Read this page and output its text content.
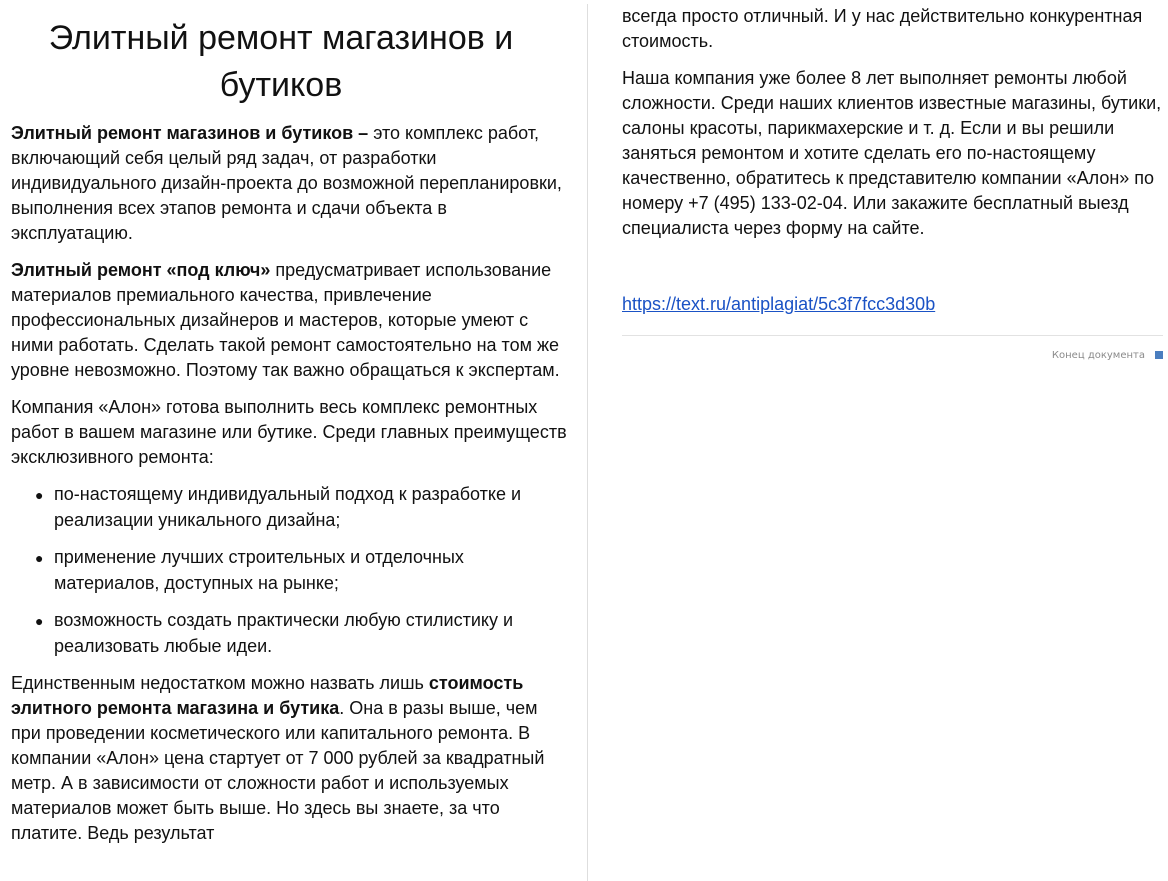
Элитный ремонт магазинов и бутиков

Элитный ремонт магазинов и бутиков – это комплекс работ, включающий себя целый ряд задач, от разработки индивидуального дизайн-проекта до возможной перепланировки, выполнения всех этапов ремонта и сдачи объекта в эксплуатацию.

Элитный ремонт «под ключ» предусматривает использование материалов премиального качества, привлечение профессиональных дизайнеров и мастеров, которые умеют с ними работать. Сделать такой ремонт самостоятельно на том же уровне невозможно. Поэтому так важно обращаться к экспертам.

Компания «Алон» готова выполнить весь комплекс ремонтных работ в вашем магазине или бутике. Среди главных преимуществ эксклюзивного ремонта:

● по-настоящему индивидуальный подход к разработке и реализации уникального дизайна;
● применение лучших строительных и отделочных материалов, доступных на рынке;
● возможность создать практически любую стилистику и реализовать любые идеи.

Единственным недостатком можно назвать лишь стоимость элитного ремонта магазина и бутика. Она в разы выше, чем при проведении косметического или капитального ремонта. В компании «Алон» цена стартует от 7 000 рублей за квадратный метр. А в зависимости от сложности работ и используемых материалов может быть выше. Но здесь вы знаете, за что платите. Ведь результат

всегда просто отличный. И у нас действительно конкурентная стоимость.

Наша компания уже более 8 лет выполняет ремонты любой сложности. Среди наших клиентов известные магазины, бутики, салоны красоты, парикмахерские и т. д. Если и вы решили заняться ремонтом и хотите сделать его по-настоящему качественно, обратитесь к представителю компании «Алон» по номеру +7 (495) 133-02-04. Или закажите бесплатный выезд специалиста через форму на сайте.

https://text.ru/antiplagiat/5c3f7fcc3d30b
Конец документа
